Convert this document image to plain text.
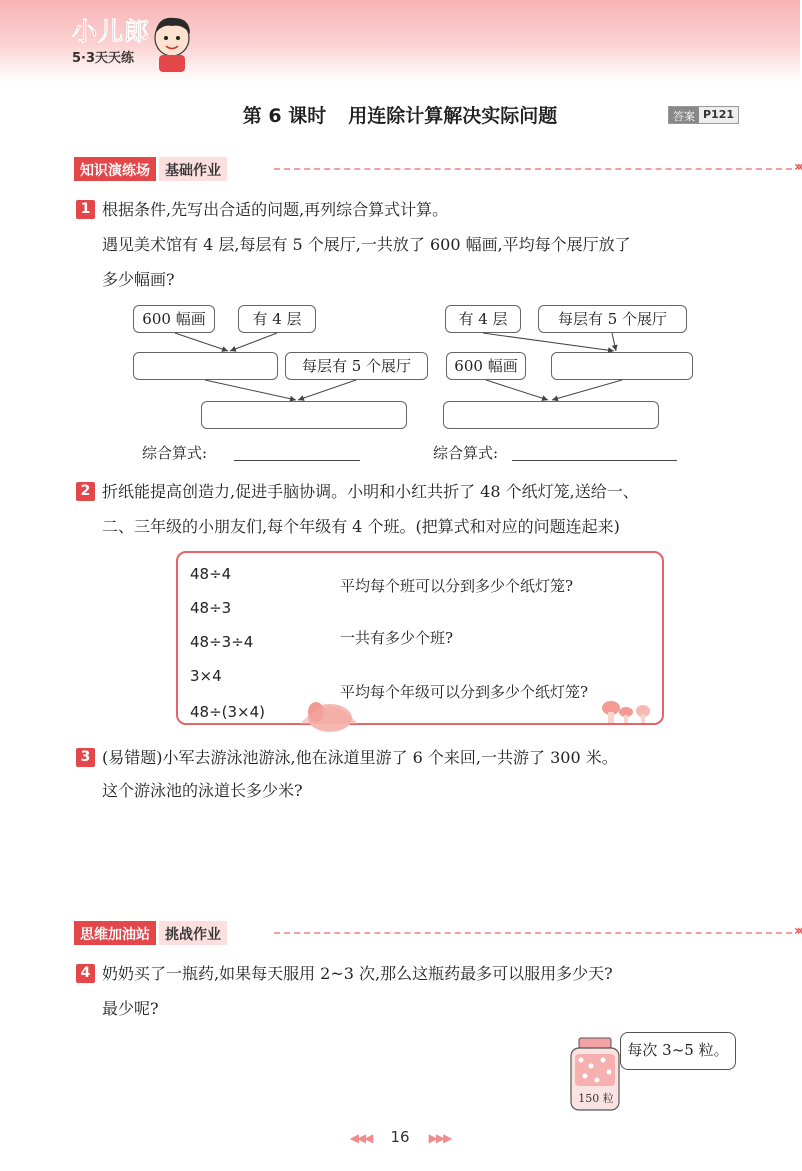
小儿郎
5·3天天练
第 6 课时 用连除计算解决实际问题	答案 P121
知识演练场	基础作业	›››
1 根据条件,先写出合适的问题,再列综合算式计算。
遇见美术馆有 4 层,每层有 5 个展厅,一共放了 600 幅画,平均每个展厅放了
多少幅画?
600 幅画	有 4 层
每层有 5 个展厅
综合算式:
有 4 层	每层有 5 个展厅
600 幅画
综合算式:
2 折纸能提高创造力,促进手脑协调。小明和小红共折了 48 个纸灯笼,送给一、
二、三年级的小朋友们,每个年级有 4 个班。(把算式和对应的问题连起来)
48÷4
48÷3
48÷3÷4
3×4
48÷(3×4)
平均每个班可以分到多少个纸灯笼?
一共有多少个班?
平均每个年级可以分到多少个纸灯笼?
3 (易错题)小军去游泳池游泳,他在泳道里游了 6 个来回,一共游了 300 米。
这个游泳池的泳道长多少米?
思维加油站	挑战作业	›››
4 奶奶买了一瓶药,如果每天服用 2~3 次,那么这瓶药最多可以服用多少天?
最少呢?
150 粒
每次 3~5 粒。
◀◀◀ 16 ▶▶▶
